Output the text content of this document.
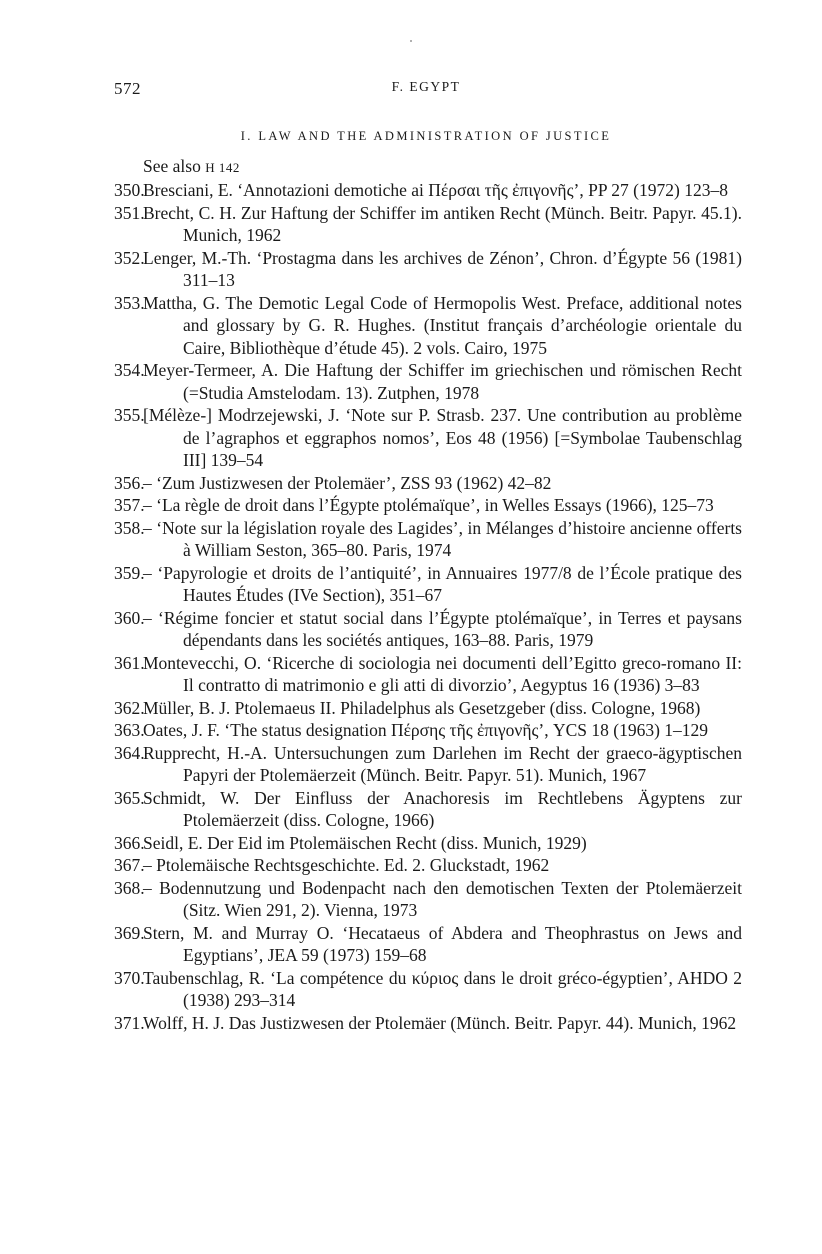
572	F. EGYPT
I. LAW AND THE ADMINISTRATION OF JUSTICE
See also H 142
350.
Bresciani, E. ‘Annotazioni demotiche ai Πέρσαι τῆς ἐπιγονῆς’, PP 27 (1972) 123–8
351.
Brecht, C. H. Zur Haftung der Schiffer im antiken Recht (Münch. Beitr. Papyr. 45.1). Munich, 1962
352.
Lenger, M.-Th. ‘Prostagma dans les archives de Zénon’, Chron. d’Égypte 56 (1981) 311–13
353.
Mattha, G. The Demotic Legal Code of Hermopolis West. Preface, additional notes and glossary by G. R. Hughes. (Institut français d’archéologie orientale du Caire, Bibliothèque d’étude 45). 2 vols. Cairo, 1975
354.
Meyer-Termeer, A. Die Haftung der Schiffer im griechischen und römischen Recht (=Studia Amstelodam. 13). Zutphen, 1978
355.
[Mélèze-] Modrzejewski, J. ‘Note sur P. Strasb. 237. Une contribution au problème de l’agraphos et eggraphos nomos’, Eos 48 (1956) [=Symbolae Taubenschlag III] 139–54
356.
– ‘Zum Justizwesen der Ptolemäer’, ZSS 93 (1962) 42–82
357.
– ‘La règle de droit dans l’Égypte ptolémaïque’, in Welles Essays (1966), 125–73
358.
– ‘Note sur la législation royale des Lagides’, in Mélanges d’histoire ancienne offerts à William Seston, 365–80. Paris, 1974
359.
– ‘Papyrologie et droits de l’antiquité’, in Annuaires 1977/8 de l’École pratique des Hautes Études (IVe Section), 351–67
360.
– ‘Régime foncier et statut social dans l’Égypte ptolémaïque’, in Terres et paysans dépendants dans les sociétés antiques, 163–88. Paris, 1979
361.
Montevecchi, O. ‘Ricerche di sociologia nei documenti dell’Egitto greco-romano II: Il contratto di matrimonio e gli atti di divorzio’, Aegyptus 16 (1936) 3–83
362.
Müller, B. J. Ptolemaeus II. Philadelphus als Gesetzgeber (diss. Cologne, 1968)
363.
Oates, J. F. ‘The status designation Πέρσης τῆς ἐπιγονῆς’, YCS 18 (1963) 1–129
364.
Rupprecht, H.-A. Untersuchungen zum Darlehen im Recht der graeco-ägyptischen Papyri der Ptolemäerzeit (Münch. Beitr. Papyr. 51). Munich, 1967
365.
Schmidt, W. Der Einfluss der Anachoresis im Rechtlebens Ägyptens zur Ptolemäerzeit (diss. Cologne, 1966)
366.
Seidl, E. Der Eid im Ptolemäischen Recht (diss. Munich, 1929)
367.
– Ptolemäische Rechtsgeschichte. Ed. 2. Gluckstadt, 1962
368.
– Bodennutzung und Bodenpacht nach den demotischen Texten der Ptolemäerzeit (Sitz. Wien 291, 2). Vienna, 1973
369.
Stern, M. and Murray O. ‘Hecataeus of Abdera and Theophrastus on Jews and Egyptians’, JEA 59 (1973) 159–68
370.
Taubenschlag, R. ‘La compétence du κύριος dans le droit gréco-égyptien’, AHDO 2 (1938) 293–314
371.
Wolff, H. J. Das Justizwesen der Ptolemäer (Münch. Beitr. Papyr. 44). Munich, 1962
